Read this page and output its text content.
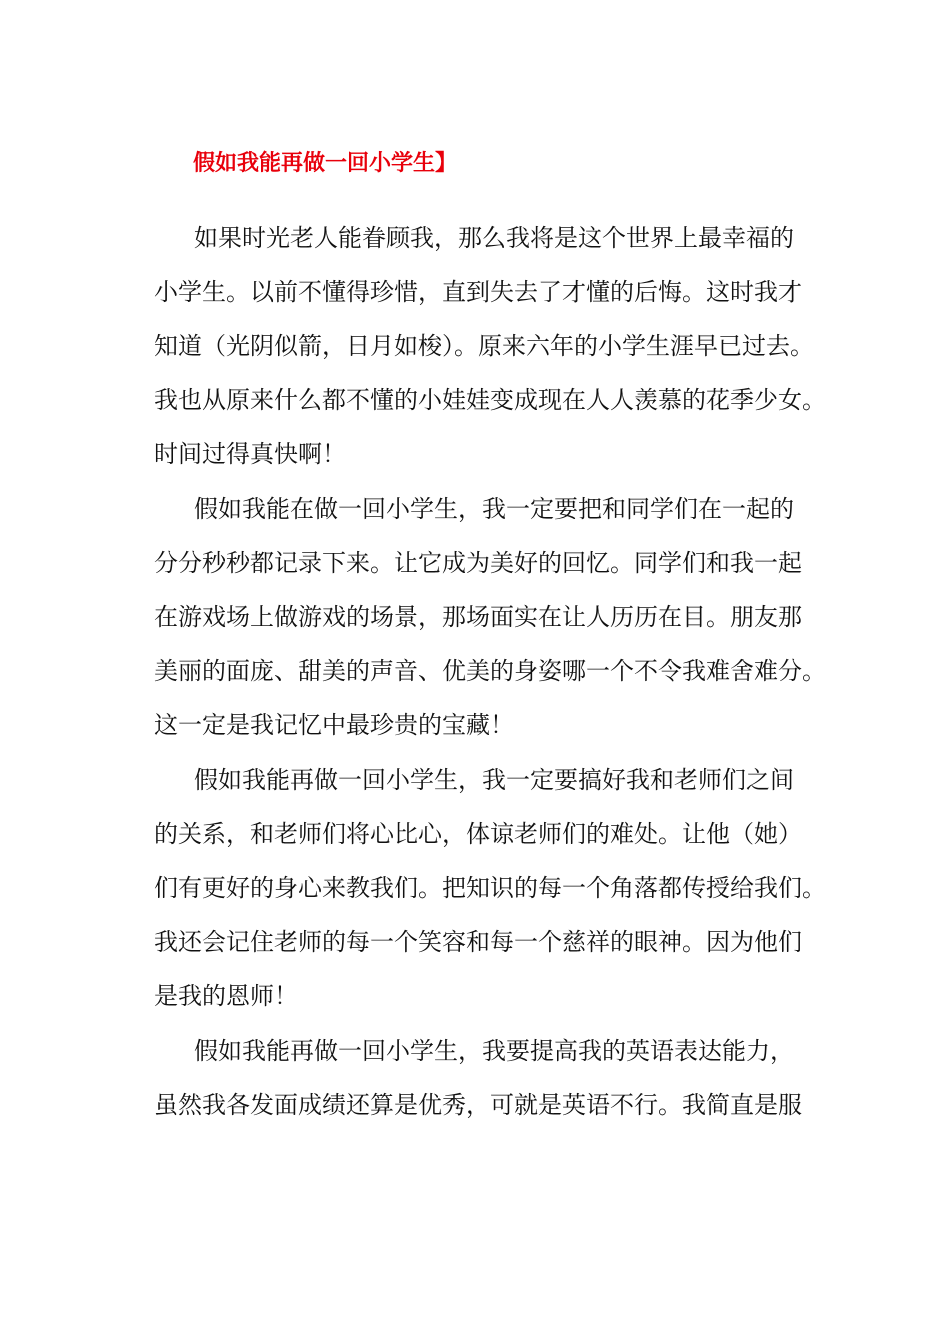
假如我能再做一回小学生】
如果时光老人能眷顾我，那么我将是这个世界上最幸福的
小学生。以前不懂得珍惜，直到失去了才懂的后悔。这时我才
知道（光阴似箭，日月如梭）。原来六年的小学生涯早已过去。
我也从原来什么都不懂的小娃娃变成现在人人羡慕的花季少女。
时间过得真快啊！
假如我能在做一回小学生，我一定要把和同学们在一起的
分分秒秒都记录下来。让它成为美好的回忆。同学们和我一起
在游戏场上做游戏的场景，那场面实在让人历历在目。朋友那
美丽的面庞、甜美的声音、优美的身姿哪一个不令我难舍难分。
这一定是我记忆中最珍贵的宝藏！
假如我能再做一回小学生，我一定要搞好我和老师们之间
的关系，和老师们将心比心，体谅老师们的难处。让他（她）
们有更好的身心来教我们。把知识的每一个角落都传授给我们。
我还会记住老师的每一个笑容和每一个慈祥的眼神。因为他们
是我的恩师！
假如我能再做一回小学生，我要提高我的英语表达能力，
虽然我各发面成绩还算是优秀，可就是英语不行。我简直是服
